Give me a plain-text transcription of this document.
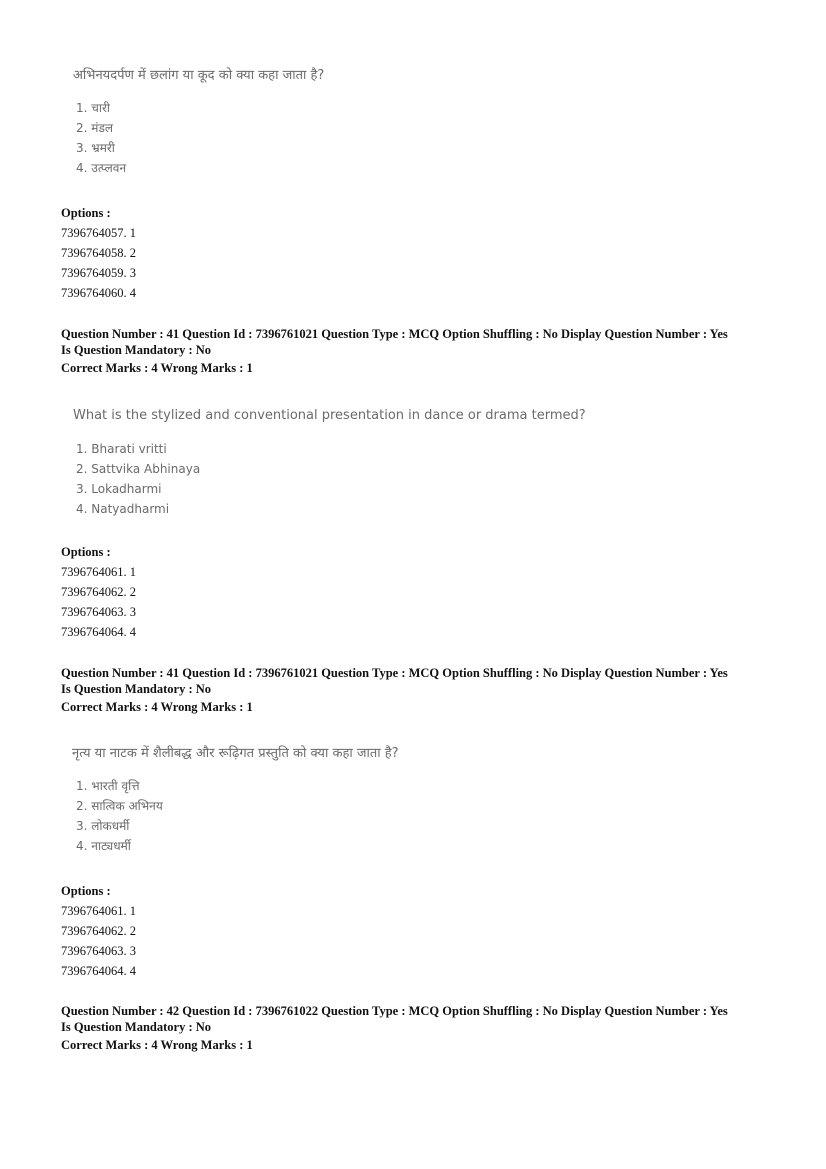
अभिनयदर्पण में छलांग या कूद को क्या कहा जाता है?
1. चारी
2. मंडल
3. भ्रमरी
4. उत्प्लवन
Options :
7396764057. 1
7396764058. 2
7396764059. 3
7396764060. 4
Question Number : 41 Question Id : 7396761021 Question Type : MCQ Option Shuffling : No Display Question Number : Yes
Is Question Mandatory : No
Correct Marks : 4 Wrong Marks : 1
What is the stylized and conventional presentation in dance or drama termed?
1. Bharati vritti
2. Sattvika Abhinaya
3. Lokadharmi
4. Natyadharmi
Options :
7396764061. 1
7396764062. 2
7396764063. 3
7396764064. 4
Question Number : 41 Question Id : 7396761021 Question Type : MCQ Option Shuffling : No Display Question Number : Yes
Is Question Mandatory : No
Correct Marks : 4 Wrong Marks : 1
नृत्य या नाटक में शैलीबद्ध और रूढ़िगत प्रस्तुति को क्या कहा जाता है?
1. भारती वृत्ति
2. सात्विक अभिनय
3. लोकधर्मी
4. नाट्यधर्मी
Options :
7396764061. 1
7396764062. 2
7396764063. 3
7396764064. 4
Question Number : 42 Question Id : 7396761022 Question Type : MCQ Option Shuffling : No Display Question Number : Yes
Is Question Mandatory : No
Correct Marks : 4 Wrong Marks : 1
